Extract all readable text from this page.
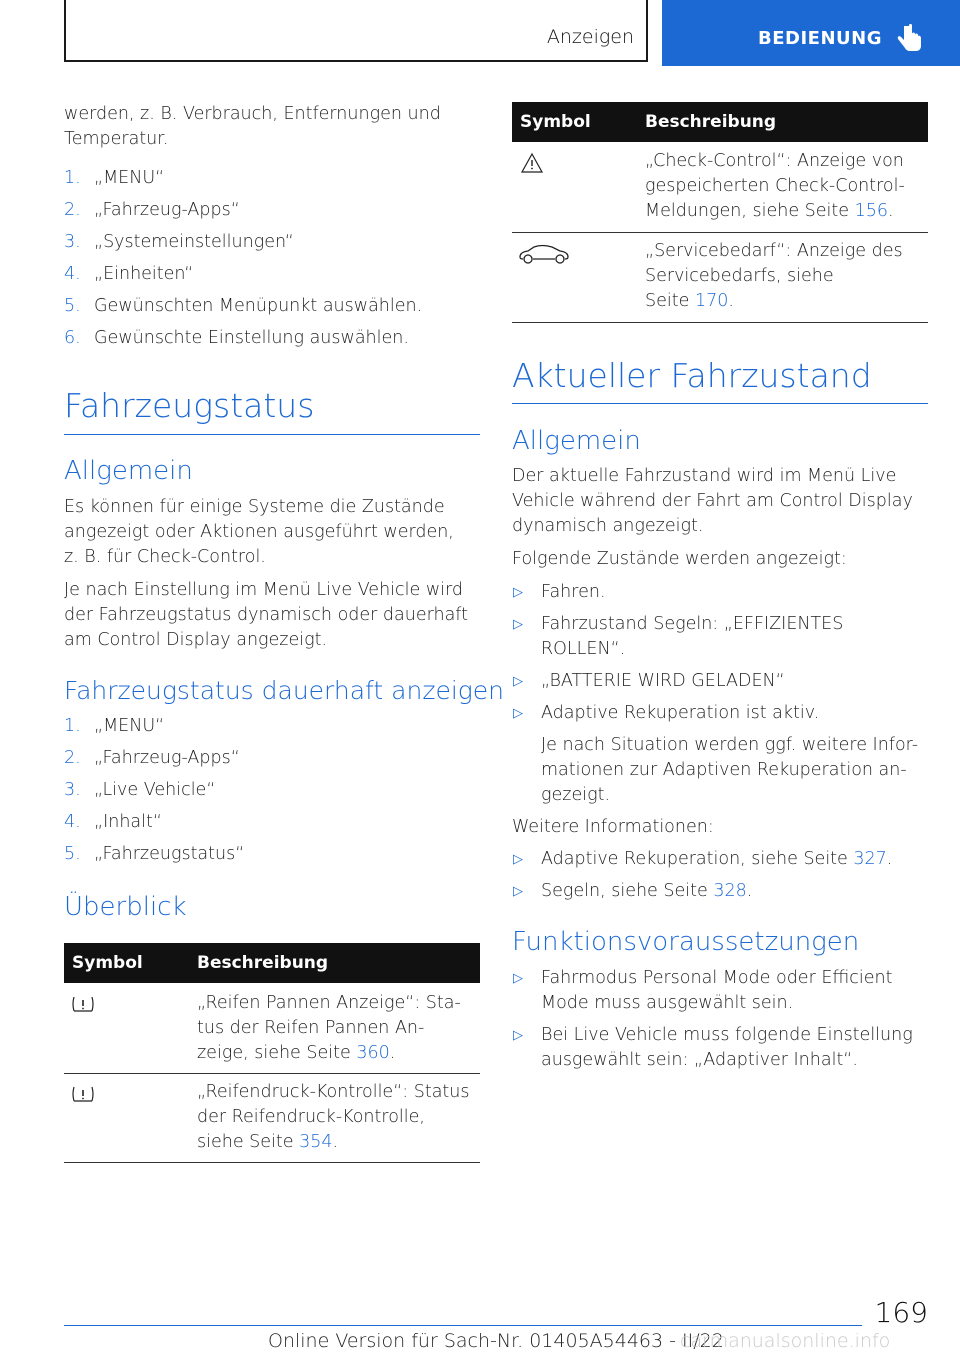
Anzeigen	BEDIENUNG
werden, z. B. Verbrauch, Entfernungen und
Temperatur.
1. „MENU“
2. „Fahrzeug-Apps“
3. „Systemeinstellungen“
4. „Einheiten“
5. Gewünschten Menüpunkt auswählen.
6. Gewünschte Einstellung auswählen.
Fahrzeugstatus
Allgemein
Es können für einige Systeme die Zustände
angezeigt oder Aktionen ausgeführt werden,
z. B. für Check-Control.
Je nach Einstellung im Menü Live Vehicle wird
der Fahrzeugstatus dynamisch oder dauerhaft
am Control Display angezeigt.
Fahrzeugstatus dauerhaft anzeigen
1. „MENU“
2. „Fahrzeug-Apps“
3. „Live Vehicle“
4. „Inhalt“
5. „Fahrzeugstatus“
Überblick
Symbol	Beschreibung
„Reifen Pannen Anzeige“: Sta-
tus der Reifen Pannen An-
zeige, siehe Seite 360.
„Reifendruck-Kontrolle“: Status
der Reifendruck-Kontrolle,
siehe Seite 354.
Symbol	Beschreibung
„Check-Control“: Anzeige von
gespeicherten Check-Control-
Meldungen, siehe Seite 156.
„Servicebedarf“: Anzeige des
Servicebedarfs, siehe
Seite 170.
Aktueller Fahrzustand
Allgemein
Der aktuelle Fahrzustand wird im Menü Live
Vehicle während der Fahrt am Control Display
dynamisch angezeigt.
Folgende Zustände werden angezeigt:
▷ Fahren.
▷ Fahrzustand Segeln: „EFFIZIENTES
ROLLEN“.
▷ „BATTERIE WIRD GELADEN“
▷ Adaptive Rekuperation ist aktiv.
Je nach Situation werden ggf. weitere Infor-
mationen zur Adaptiven Rekuperation an-
gezeigt.
Weitere Informationen:
▷ Adaptive Rekuperation, siehe Seite 327.
▷ Segeln, siehe Seite 328.
Funktionsvoraussetzungen
▷ Fahrmodus Personal Mode oder Efficient
Mode muss ausgewählt sein.
▷ Bei Live Vehicle muss folgende Einstellung
ausgewählt sein: „Adaptiver Inhalt“.
169
Online Version für Sach-Nr. 01405A54463 - II/22
carmanualsonline.info
